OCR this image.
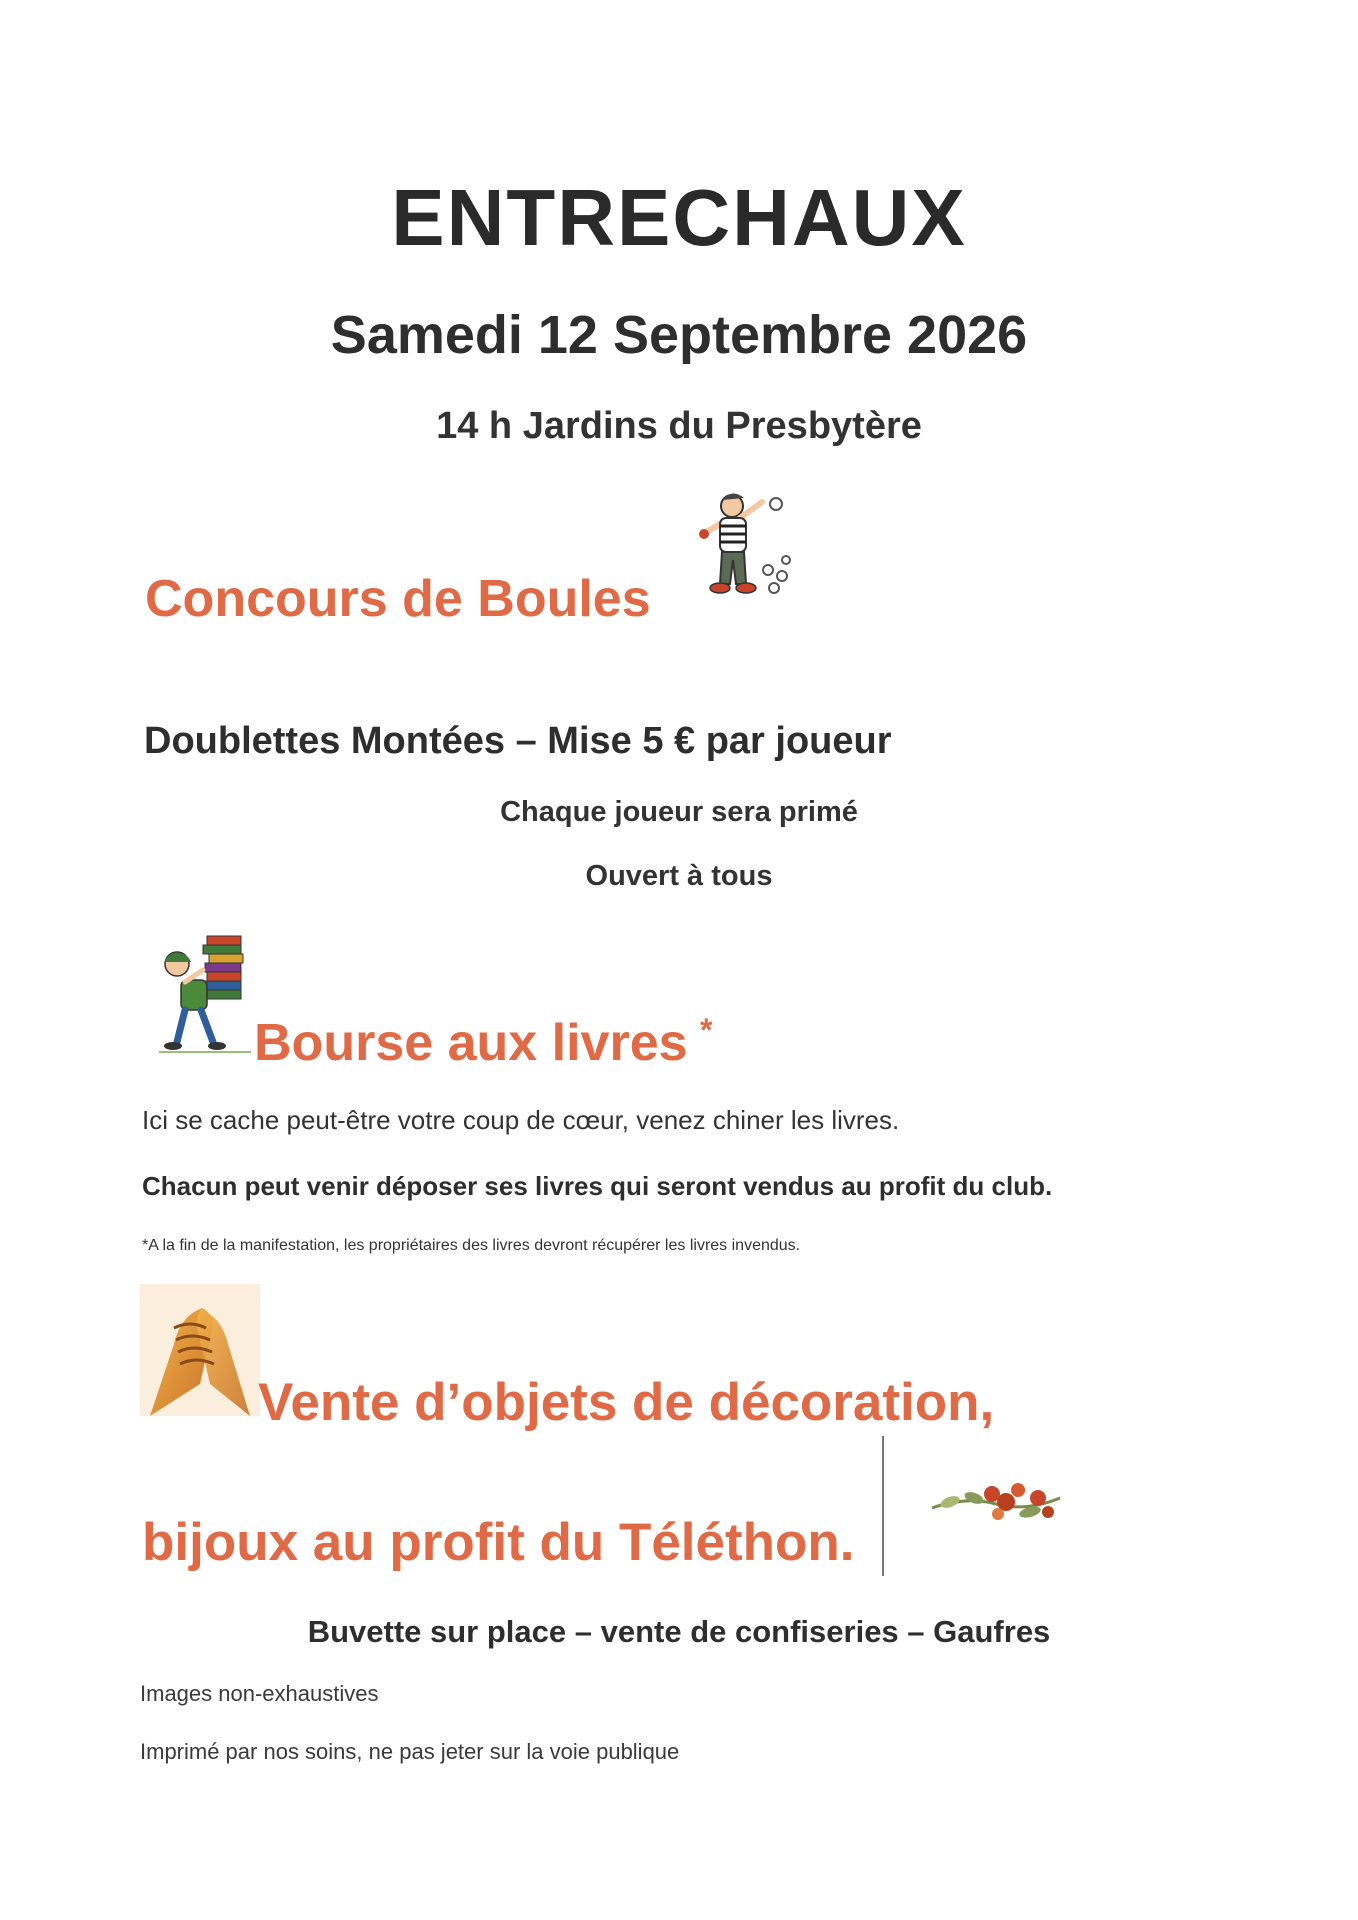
ENTRECHAUX
Samedi 12 Septembre 2026
14 h Jardins du Presbytère
Concours de Boules
Doublettes Montées – Mise 5 € par joueur
Chaque joueur sera primé
Ouvert à tous
Bourse aux livres *
Ici se cache peut-être votre coup de cœur, venez chiner les livres.
Chacun peut venir déposer ses livres qui seront vendus au profit du club.
*A la fin de la manifestation, les propriétaires des livres devront récupérer les livres invendus.
Vente d’objets de décoration,
bijoux au profit du Téléthon.
Buvette sur place – vente de confiseries – Gaufres
Images non-exhaustives
Imprimé par nos soins, ne pas jeter sur la voie publique
